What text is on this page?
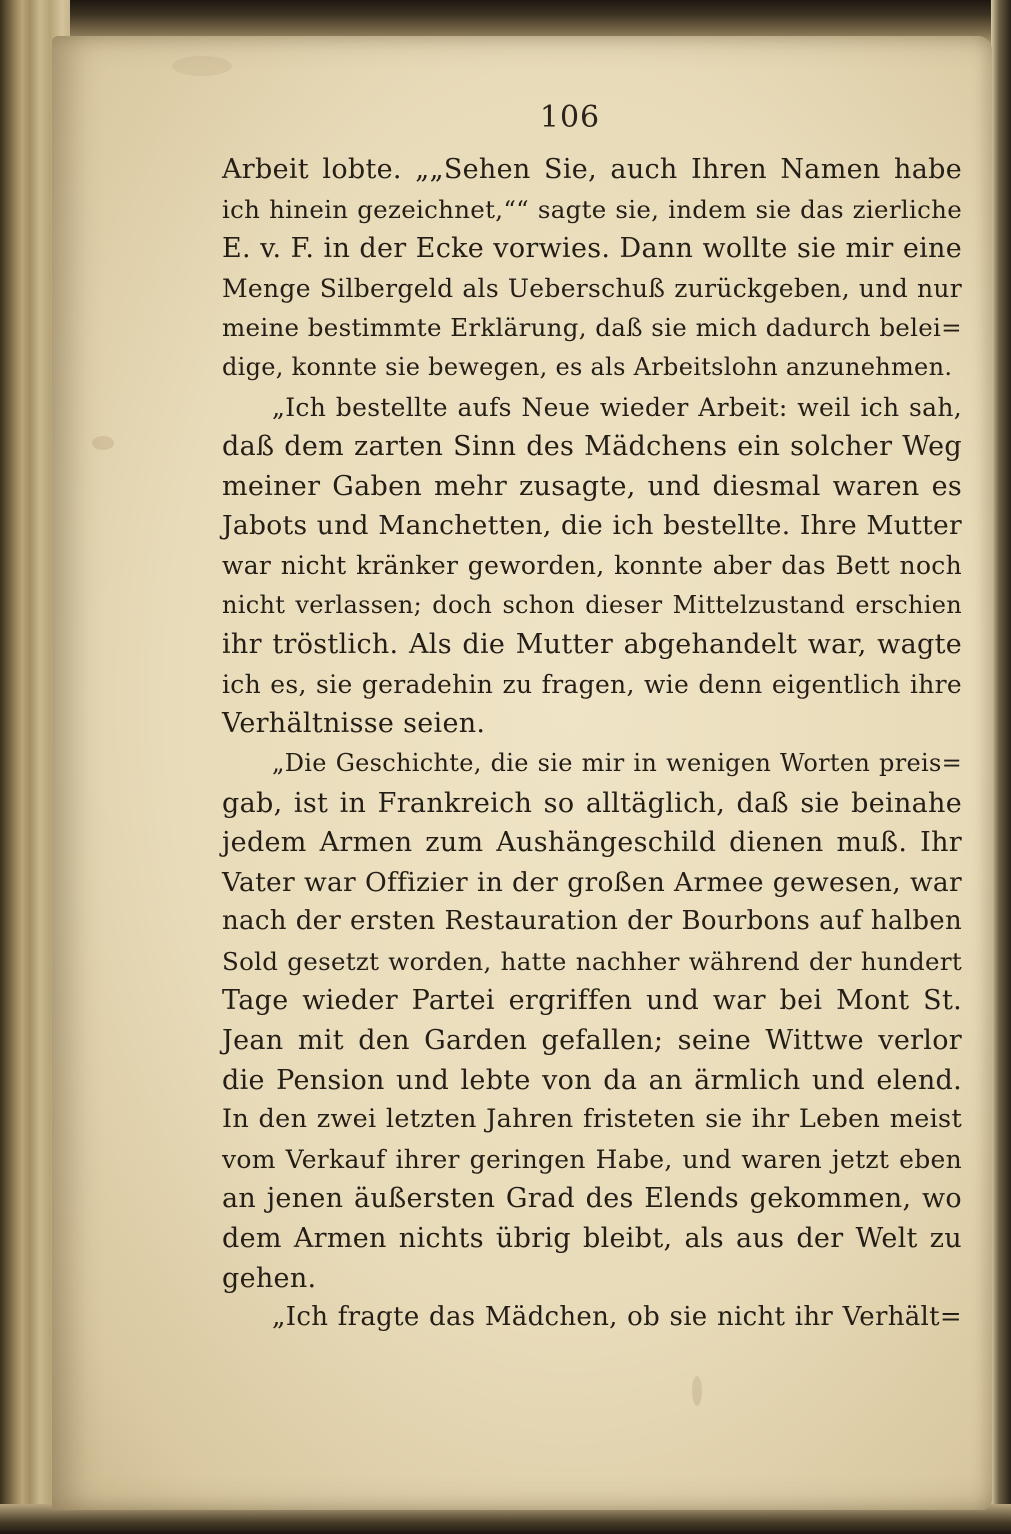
106
Arbeit lobte. „„Sehen Sie, auch Ihren Namen habe
ich hinein gezeichnet,““ sagte sie, indem sie das zierliche
E. v. F. in der Ecke vorwies. Dann wollte sie mir eine
Menge Silbergeld als Ueberschuß zurückgeben, und nur
meine bestimmte Erklärung, daß sie mich dadurch belei=
dige, konnte sie bewegen, es als Arbeitslohn anzunehmen.
„Ich bestellte aufs Neue wieder Arbeit: weil ich sah,
daß dem zarten Sinn des Mädchens ein solcher Weg
meiner Gaben mehr zusagte, und diesmal waren es
Jabots und Manchetten, die ich bestellte. Ihre Mutter
war nicht kränker geworden, konnte aber das Bett noch
nicht verlassen; doch schon dieser Mittelzustand erschien
ihr tröstlich. Als die Mutter abgehandelt war, wagte
ich es, sie geradehin zu fragen, wie denn eigentlich ihre
Verhältnisse seien.
„Die Geschichte, die sie mir in wenigen Worten preis=
gab, ist in Frankreich so alltäglich, daß sie beinahe
jedem Armen zum Aushängeschild dienen muß. Ihr
Vater war Offizier in der großen Armee gewesen, war
nach der ersten Restauration der Bourbons auf halben
Sold gesetzt worden, hatte nachher während der hundert
Tage wieder Partei ergriffen und war bei Mont St.
Jean mit den Garden gefallen; seine Wittwe verlor
die Pension und lebte von da an ärmlich und elend.
In den zwei letzten Jahren fristeten sie ihr Leben meist
vom Verkauf ihrer geringen Habe, und waren jetzt eben
an jenen äußersten Grad des Elends gekommen, wo
dem Armen nichts übrig bleibt, als aus der Welt zu
gehen.
„Ich fragte das Mädchen, ob sie nicht ihr Verhält=
